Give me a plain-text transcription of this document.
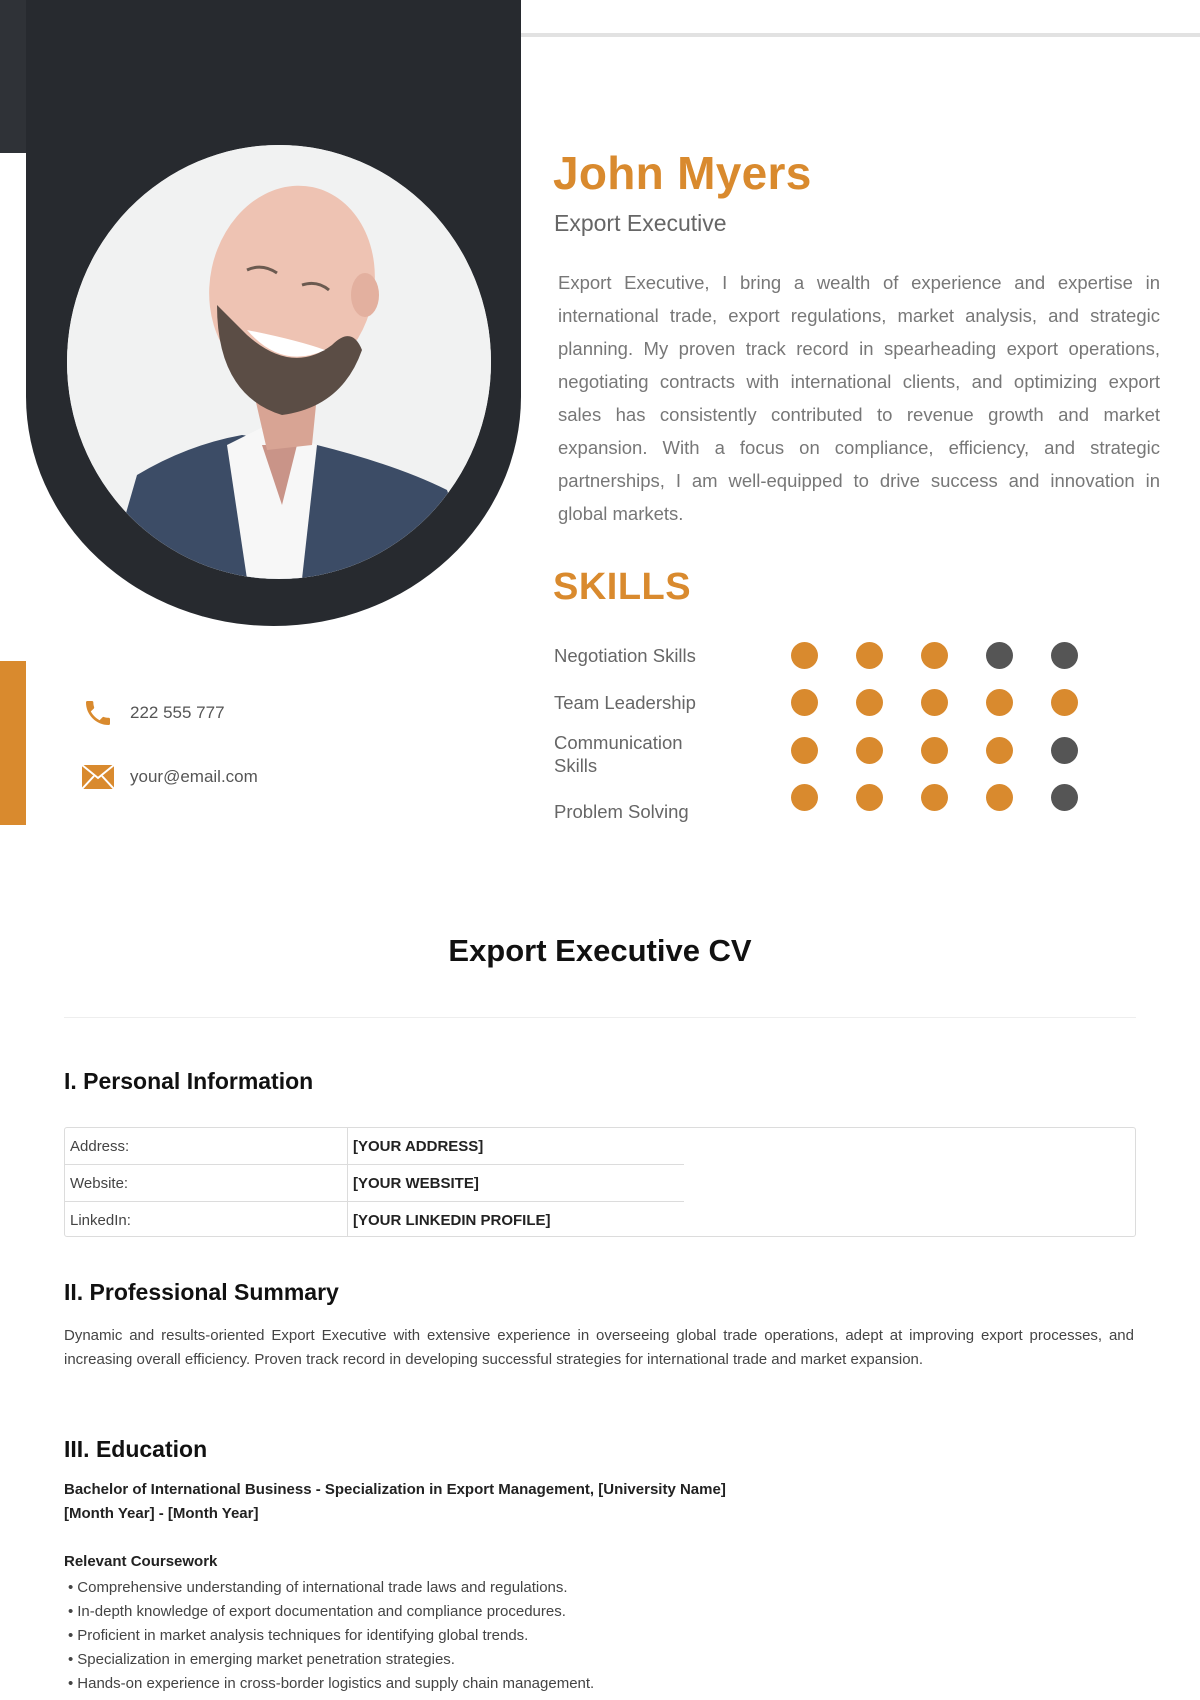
222 555 777
your@email.com
John Myers
Export Executive

Export Executive, I bring a wealth of experience and expertise in international trade, export regulations, market analysis, and strategic planning. My proven track record in spearheading export operations, negotiating contracts with international clients, and optimizing export sales has consistently contributed to revenue growth and market expansion. With a focus on compliance, efficiency, and strategic partnerships, I am well-equipped to drive success and innovation in global markets.

SKILLS
Negotiation Skills
Team Leadership
Communication Skills
Problem Solving
Export Executive CV
I. Personal Information
Address:	[YOUR ADDRESS]
Website:	[YOUR WEBSITE]
LinkedIn:	[YOUR LINKEDIN PROFILE]
II. Professional Summary

Dynamic and results-oriented Export Executive with extensive experience in overseeing global trade operations, adept at improving export processes, and increasing overall efficiency. Proven track record in developing successful strategies for international trade and market expansion.

III. Education
Bachelor of International Business - Specialization in Export Management, [University Name]
[Month Year] - [Month Year]
Relevant Coursework
• Comprehensive understanding of international trade laws and regulations.
• In-depth knowledge of export documentation and compliance procedures.
• Proficient in market analysis techniques for identifying global trends.
• Specialization in emerging market penetration strategies.
• Hands-on experience in cross-border logistics and supply chain management.
